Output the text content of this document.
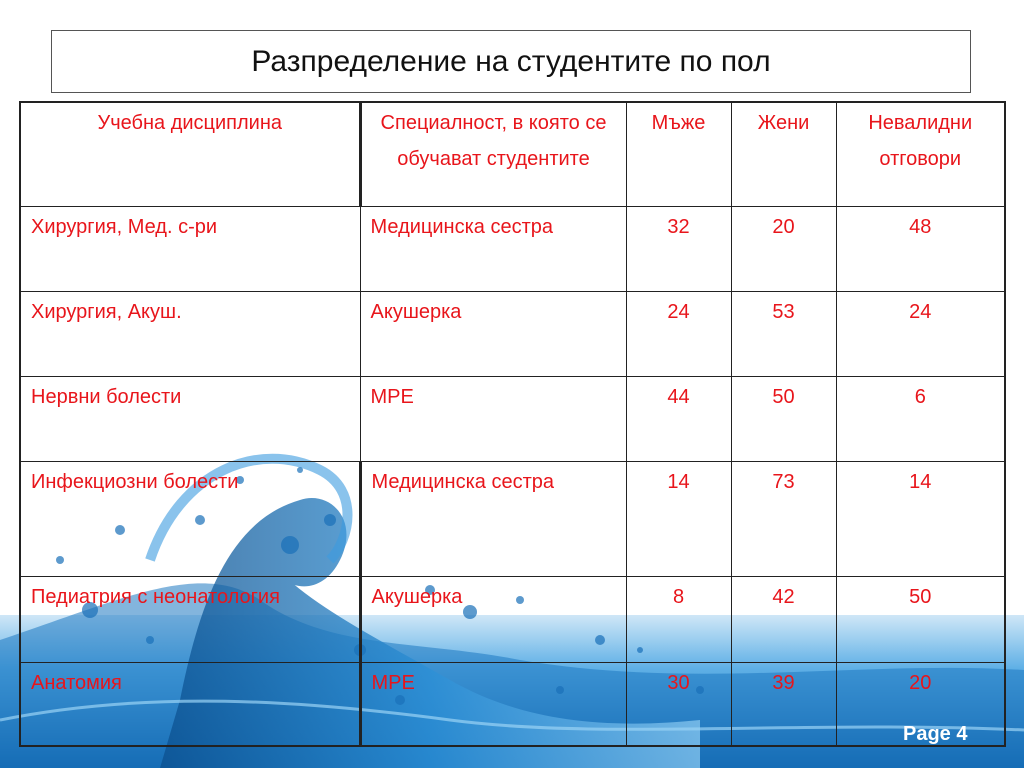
Разпределение на студентите по пол
Учебна дисциплина	Специалност, в която се обучават студентите	Мъже	Жени	Невалидни отговори
Хирургия, Мед. с-ри	Медицинска сестра	32	20	48
Хирургия, Акуш.	Акушерка	24	53	24
Нервни болести	МРЕ	44	50	6
Инфекциозни болести	Медицинска сестра	14	73	14
Педиатрия с неонатология	Акушерка	8	42	50
Анатомия	МРЕ	30	39	20
Page 4
